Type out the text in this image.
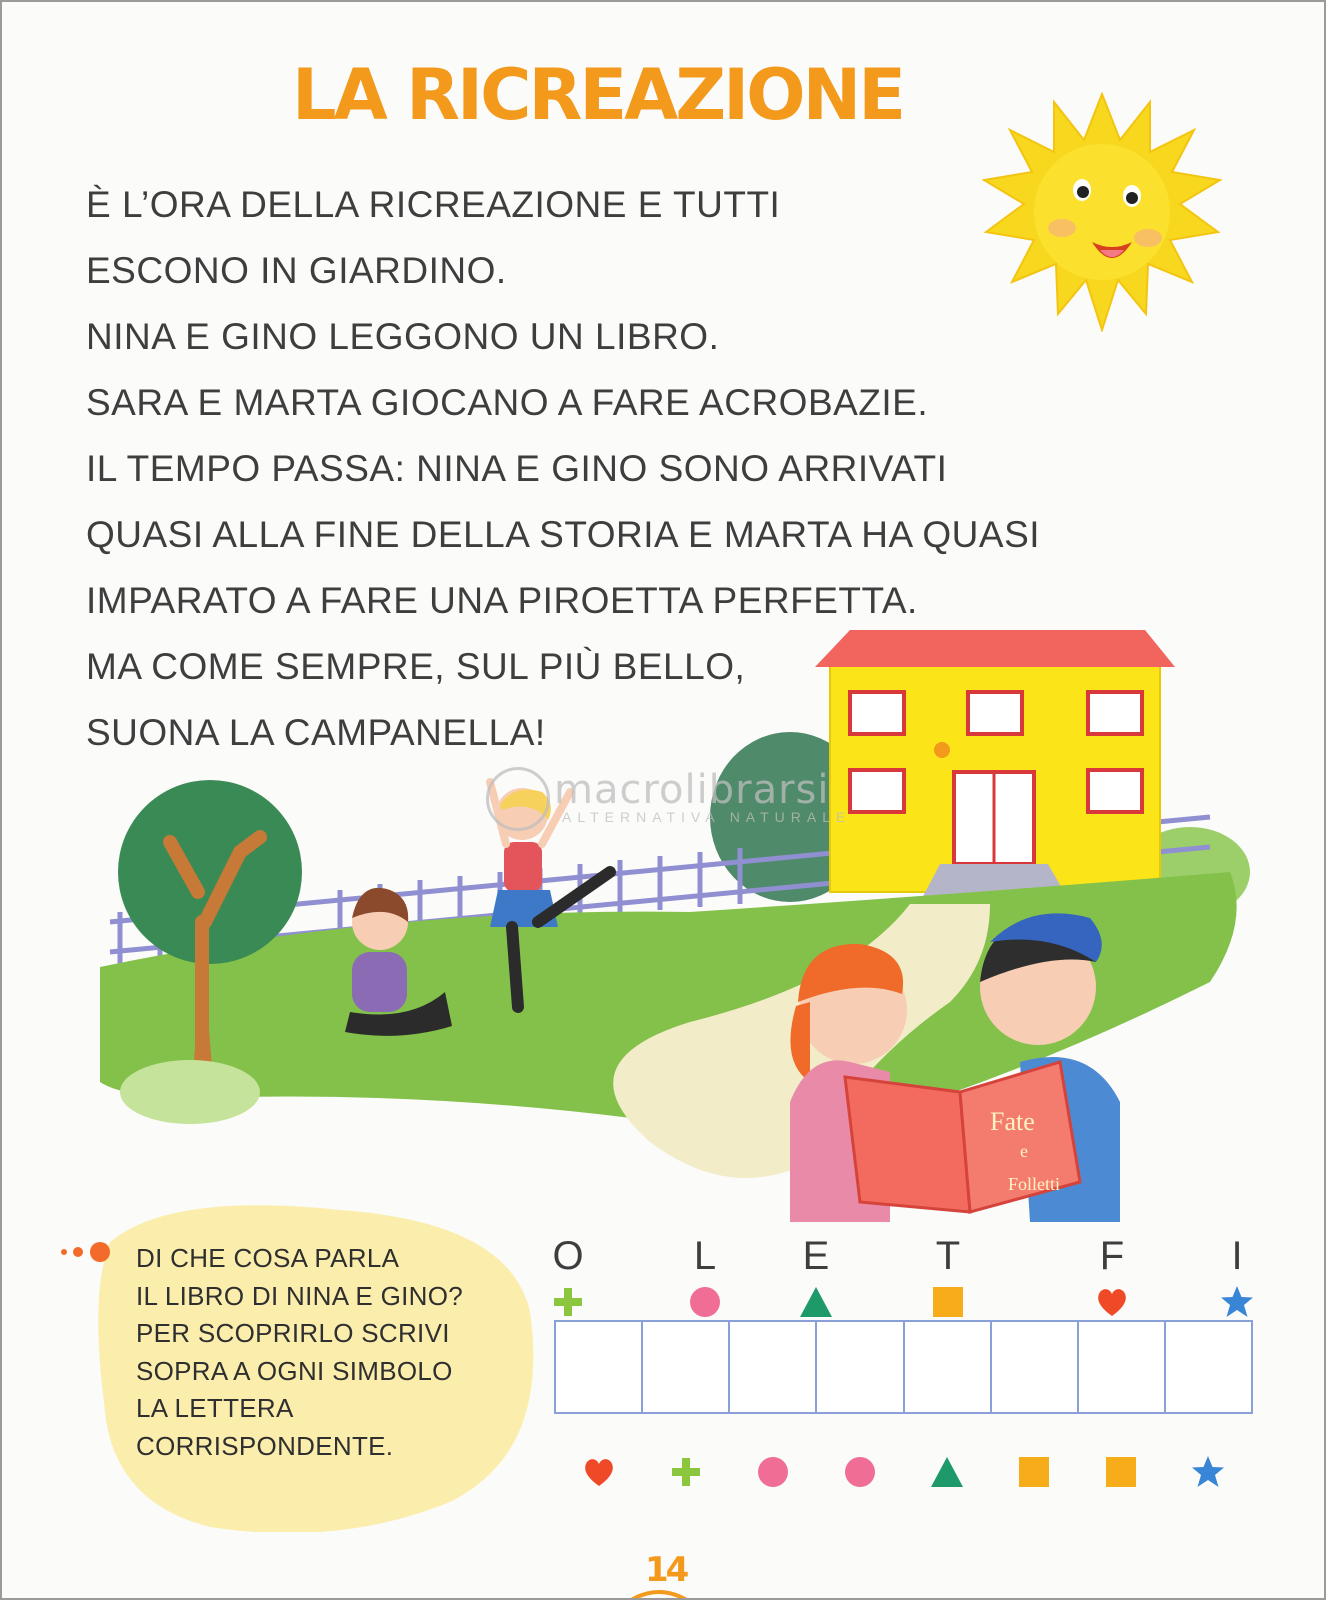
LA RICREAZIONE
È L’ORA DELLA RICREAZIONE E TUTTI
ESCONO IN GIARDINO.
NINA E GINO LEGGONO UN LIBRO.
SARA E MARTA GIOCANO A FARE ACROBAZIE.
IL TEMPO PASSA: NINA E GINO SONO ARRIVATI
QUASI ALLA FINE DELLA STORIA E MARTA HA QUASI
IMPARATO A FARE UNA PIROETTA PERFETTA.
MA COME SEMPRE, SUL PIÙ BELLO,
SUONA LA CAMPANELLA!
Fate
e
Folletti
macrolibrarsi
ALTERNATIVA NATURALE
DI CHE COSA PARLA
IL LIBRO DI NINA E GINO?
PER SCOPRIRLO SCRIVI
SOPRA A OGNI SIMBOLO
LA LETTERA
CORRISPONDENTE.
O	L E	T	F	I
14
